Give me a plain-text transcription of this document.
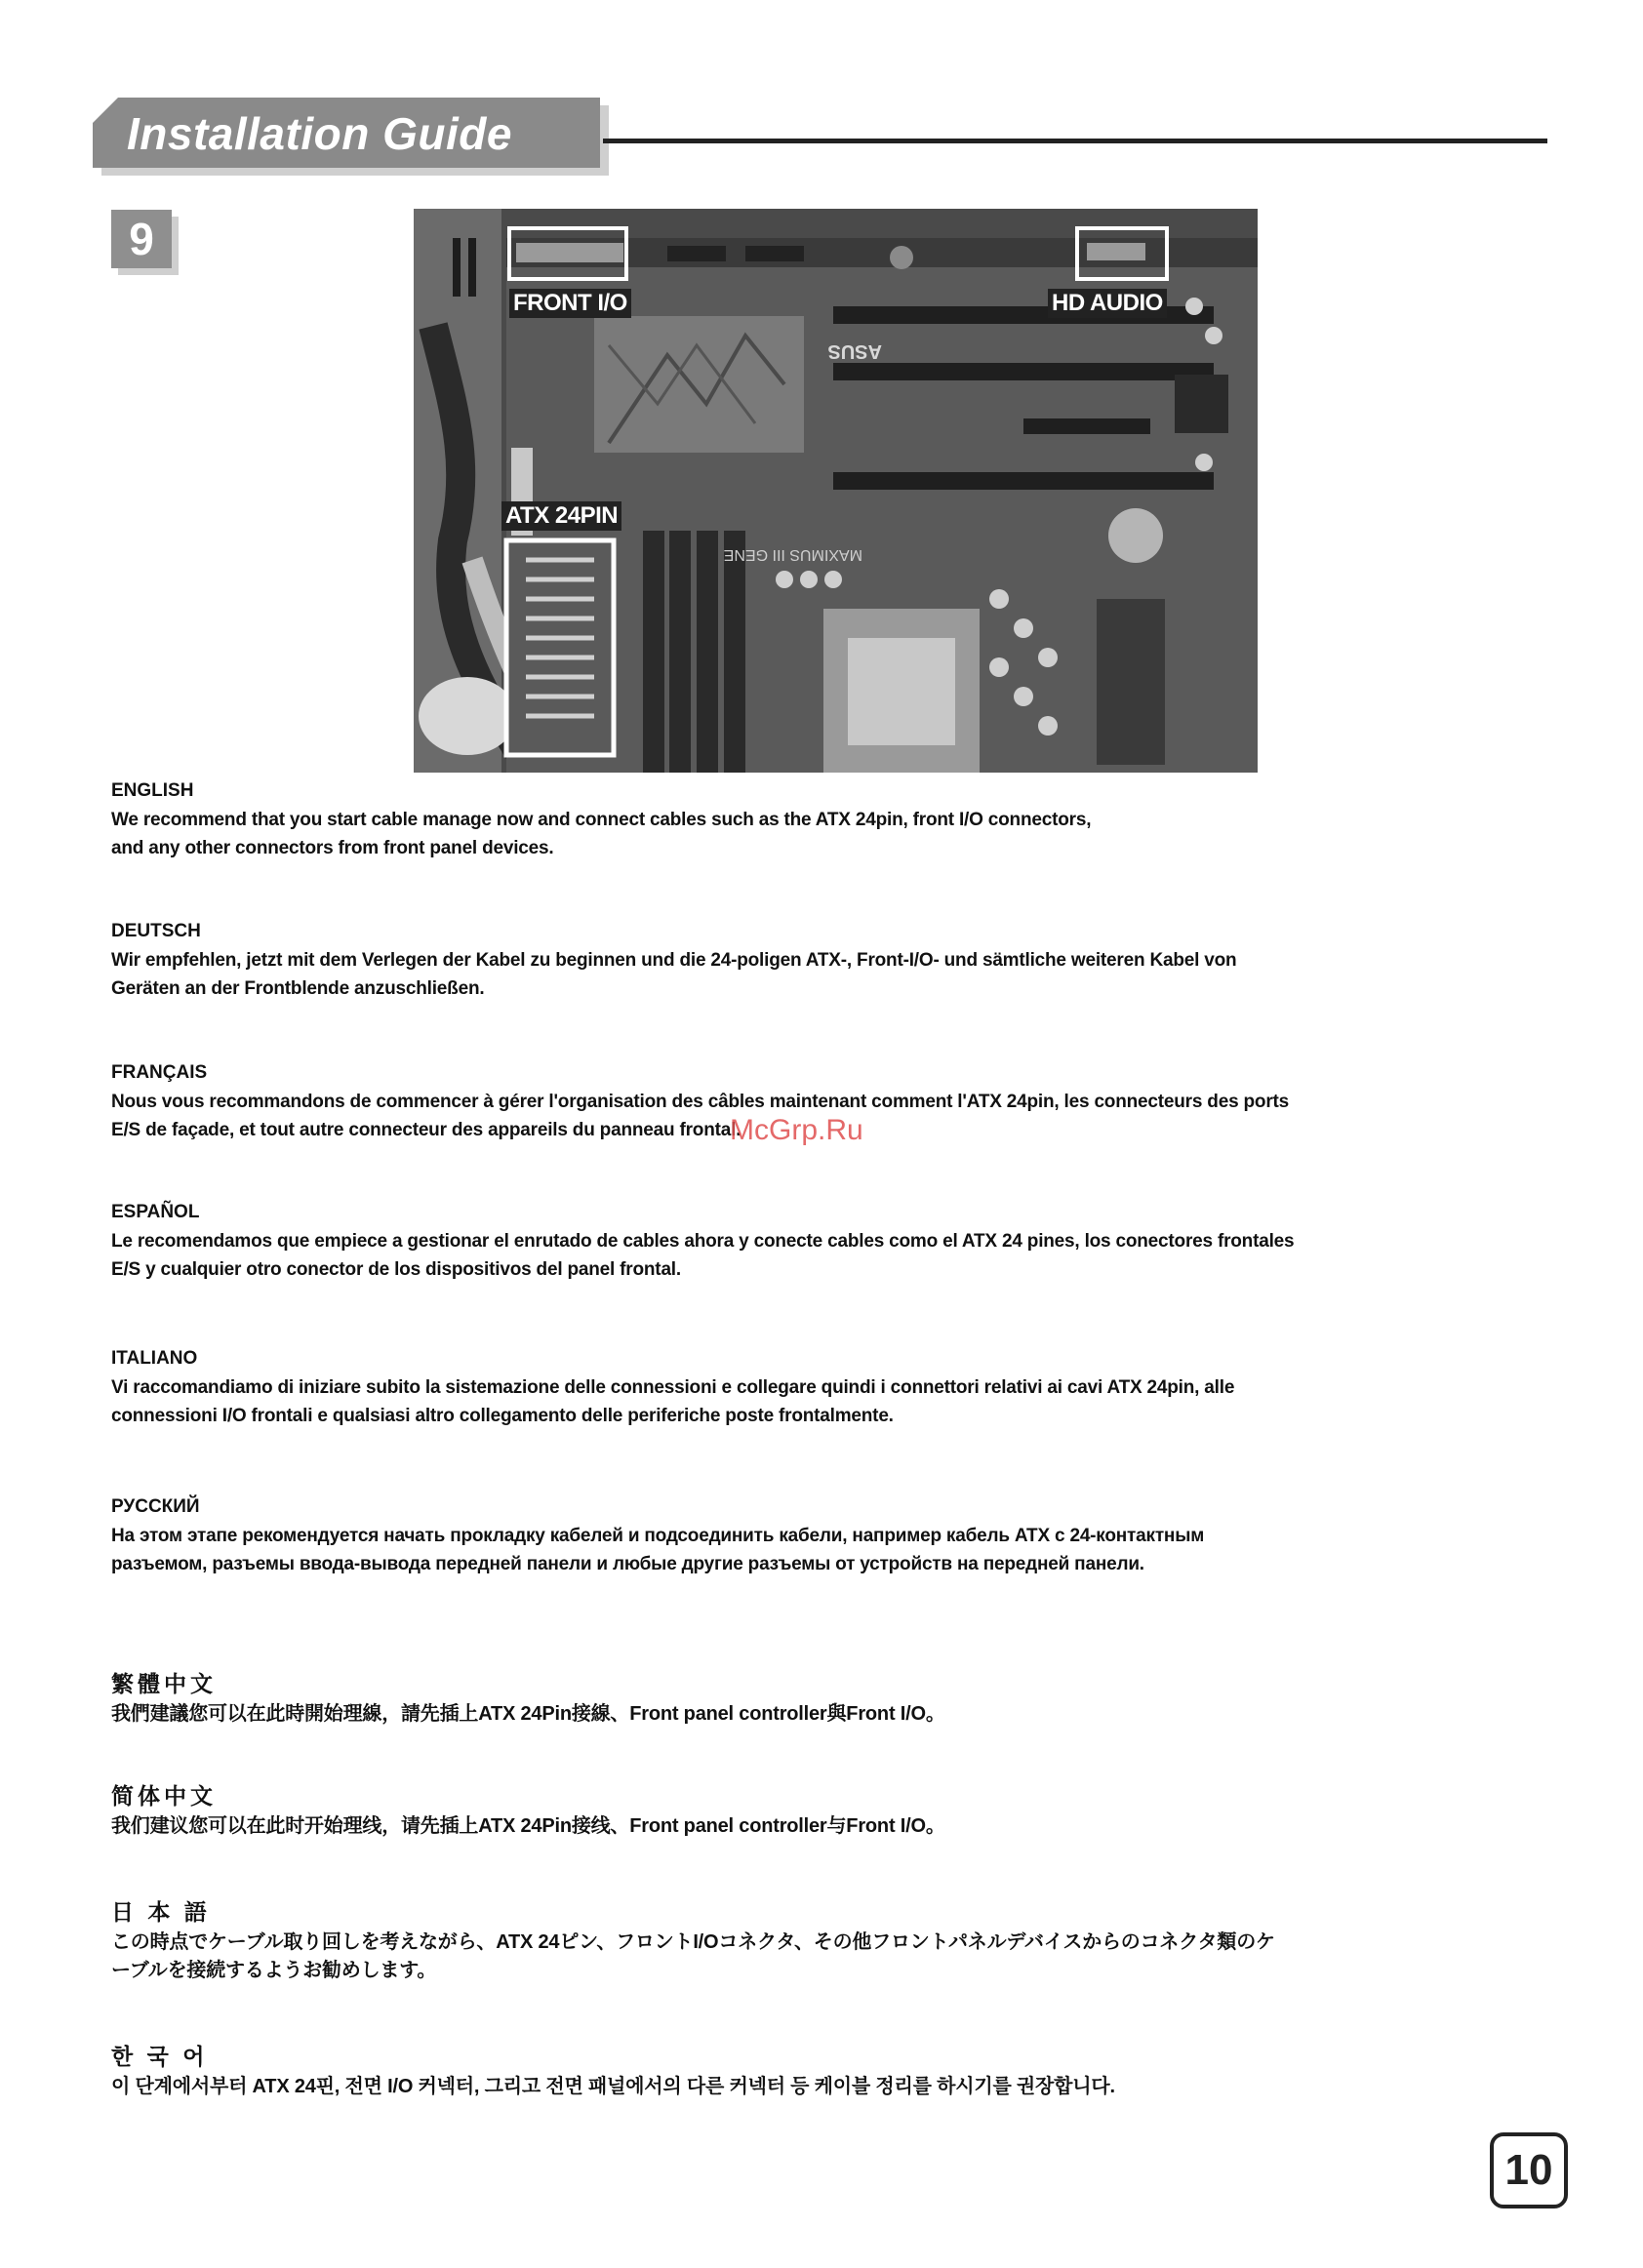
Installation Guide
9
ASUS
MAXIMUS III GENE
FRONT I/O	HD AUDIO
ATX 24PIN
ENGLISH

We recommend that you start cable manage now and connect cables such as the ATX 24pin, front I/O connectors,
and any other connectors from front panel devices.

DEUTSCH

Wir empfehlen, jetzt mit dem Verlegen der Kabel zu beginnen und die 24-poligen ATX-, Front-I/O- und sämtliche weiteren Kabel von
Geräten an der Frontblende anzuschließen.

FRANÇAIS

Nous vous recommandons de commencer à gérer l'organisation des câbles maintenant comment l'ATX 24pin, les connecteurs des ports
E/S de façade, et tout autre connecteur des appareils du panneau frontal.

ESPAÑOL

Le recomendamos que empiece a gestionar el enrutado de cables ahora y conecte cables como el ATX 24 pines, los conectores frontales
E/S y cualquier otro conector de los dispositivos del panel frontal.

ITALIANO

Vi raccomandiamo di iniziare subito la sistemazione delle connessioni e collegare quindi i connettori relativi ai cavi ATX 24pin, alle
connessioni I/O frontali e qualsiasi altro collegamento delle periferiche poste frontalmente.

РУССКИЙ

На этом этапе рекомендуется начать прокладку кабелей и подсоединить кабели, например кабель ATX с 24-контактным
разъемом, разъемы ввода-вывода передней панели и любые другие разъемы от устройств на передней панели.

繁體中文

我們建議您可以在此時開始理線，請先插上ATX 24Pin接線、Front panel controller與Front I/O。

简体中文

我们建议您可以在此时开始理线，请先插上ATX 24Pin接线、Front panel controller与Front I/O。

日 本 語

この時点でケーブル取り回しを考えながら、ATX 24ピン、フロントI/Oコネクタ、その他フロントパネルデバイスからのコネクタ類のケ
ーブルを接続するようお勧めします。

한 국 어

이 단계에서부터 ATX 24핀, 전면 I/O 커넥터, 그리고 전면 패널에서의 다른 커넥터 등 케이블 정리를 하시기를 권장합니다.

McGrp.Ru
10
